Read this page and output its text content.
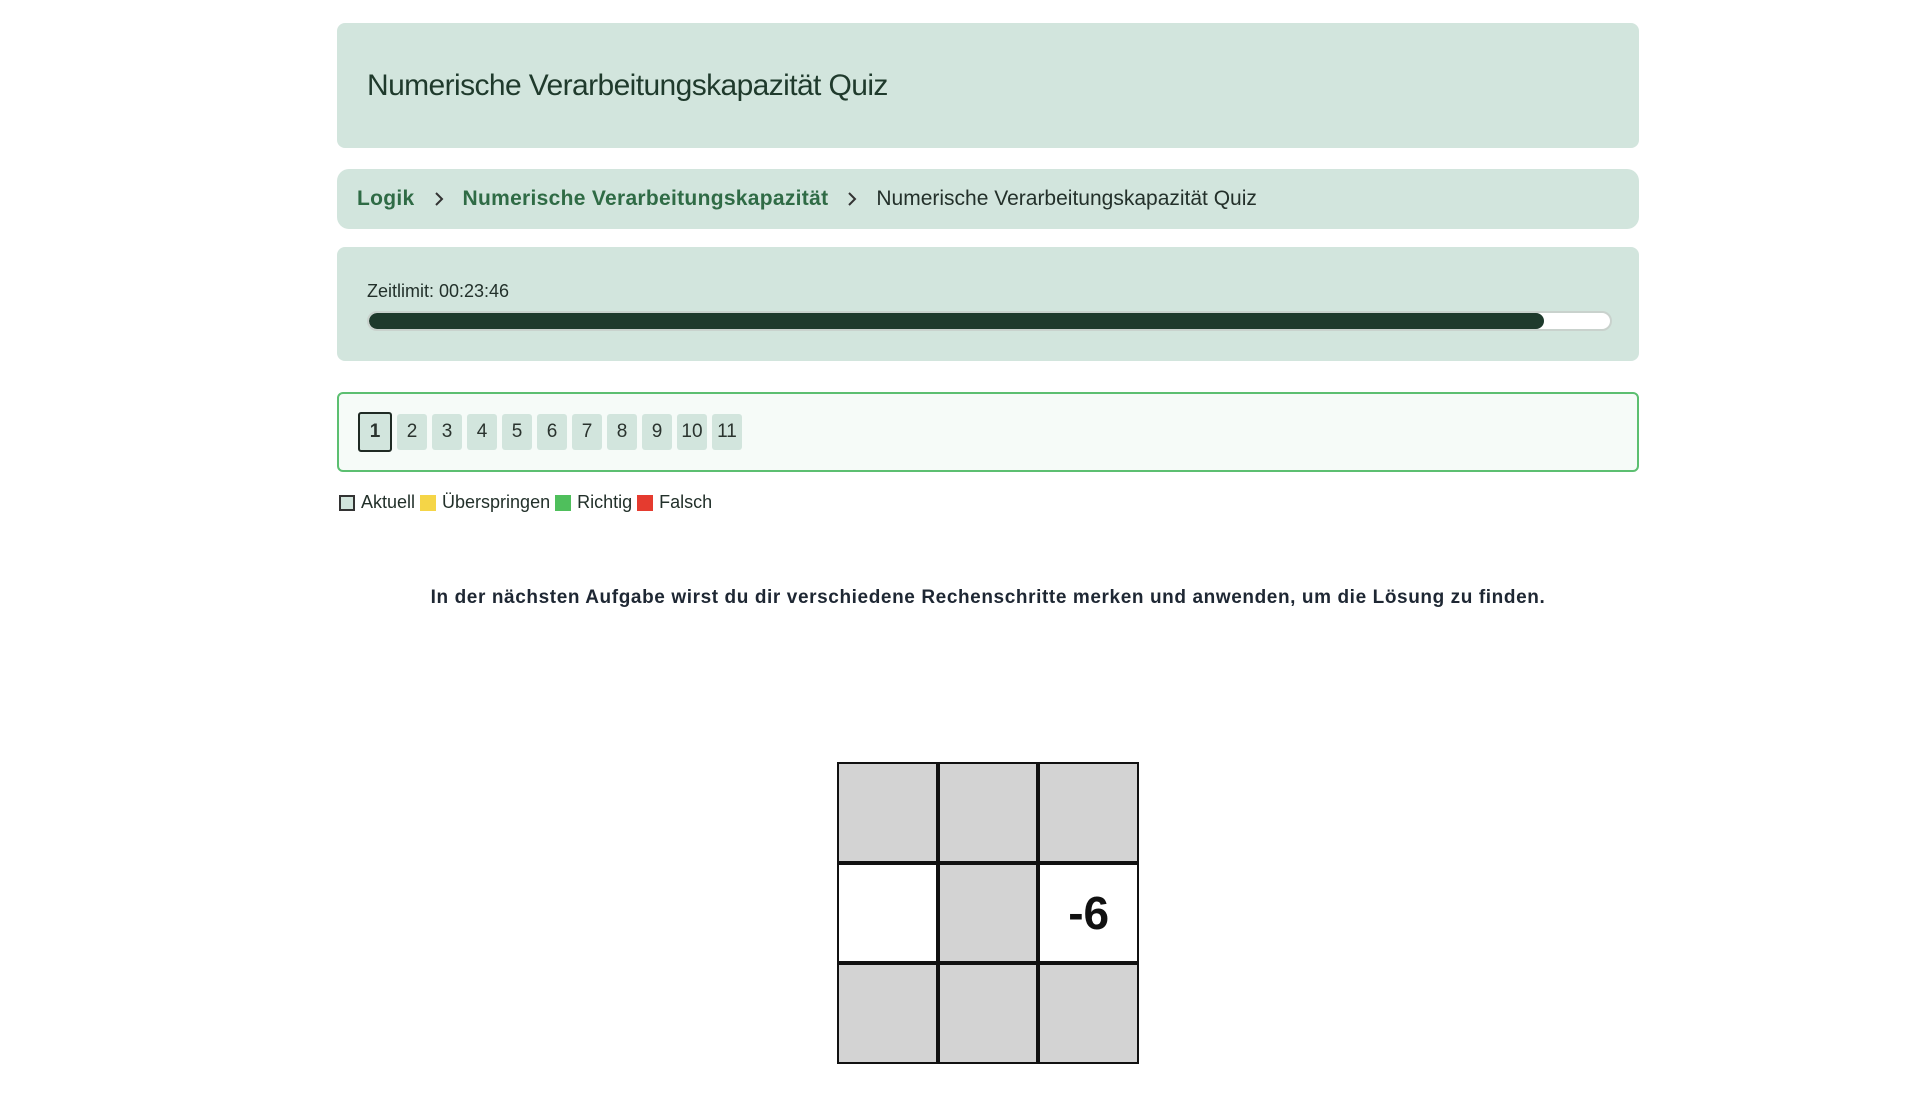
Numerische Verarbeitungskapazität Quiz
Logik Numerische Verarbeitungskapazität Numerische Verarbeitungskapazität Quiz
Zeitlimit: 00:23:46
1	2	3	4	5	6	7	8	9	10 11
Aktuell Überspringen Richtig Falsch
In der nächsten Aufgabe wirst du dir verschiedene Rechenschritte merken und anwenden, um die Lösung zu finden.
-6
